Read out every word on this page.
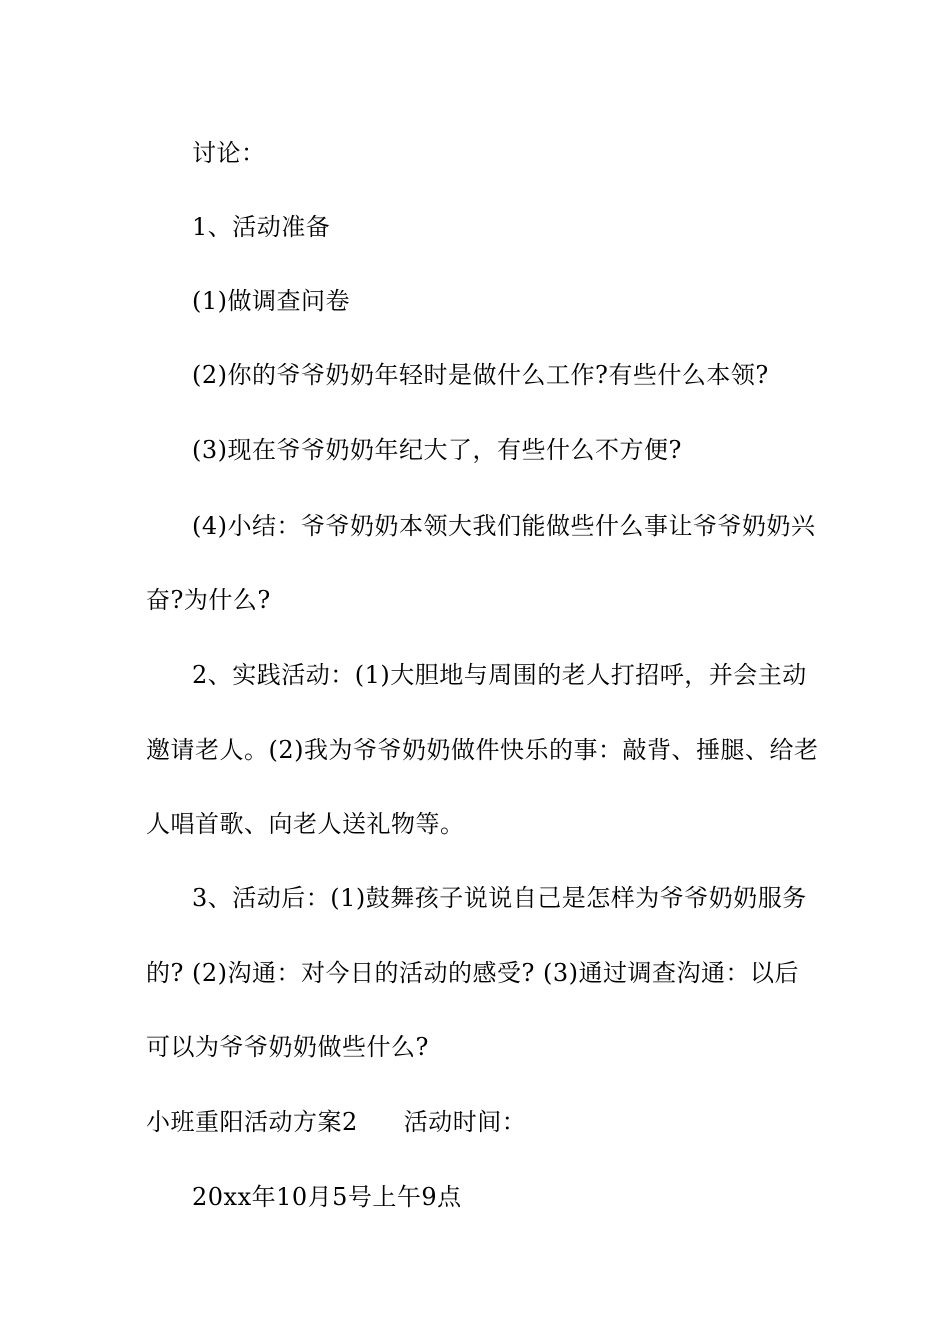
讨论：
1、活动准备
(1)做调查问卷
(2)你的爷爷奶奶年轻时是做什么工作?有些什么本领?
(3)现在爷爷奶奶年纪大了，有些什么不方便?
(4)小结：爷爷奶奶本领大我们能做些什么事让爷爷奶奶兴
奋?为什么?
2、实践活动：(1)大胆地与周围的老人打招呼，并会主动
邀请老人。(2)我为爷爷奶奶做件快乐的事：敲背、捶腿、给老
人唱首歌、向老人送礼物等。
3、活动后：(1)鼓舞孩子说说自己是怎样为爷爷奶奶服务
的? (2)沟通：对今日的活动的感受? (3)通过调查沟通：以后
可以为爷爷奶奶做些什么?
小班重阳活动方案2 活动时间：
20xx年10月5号上午9点
